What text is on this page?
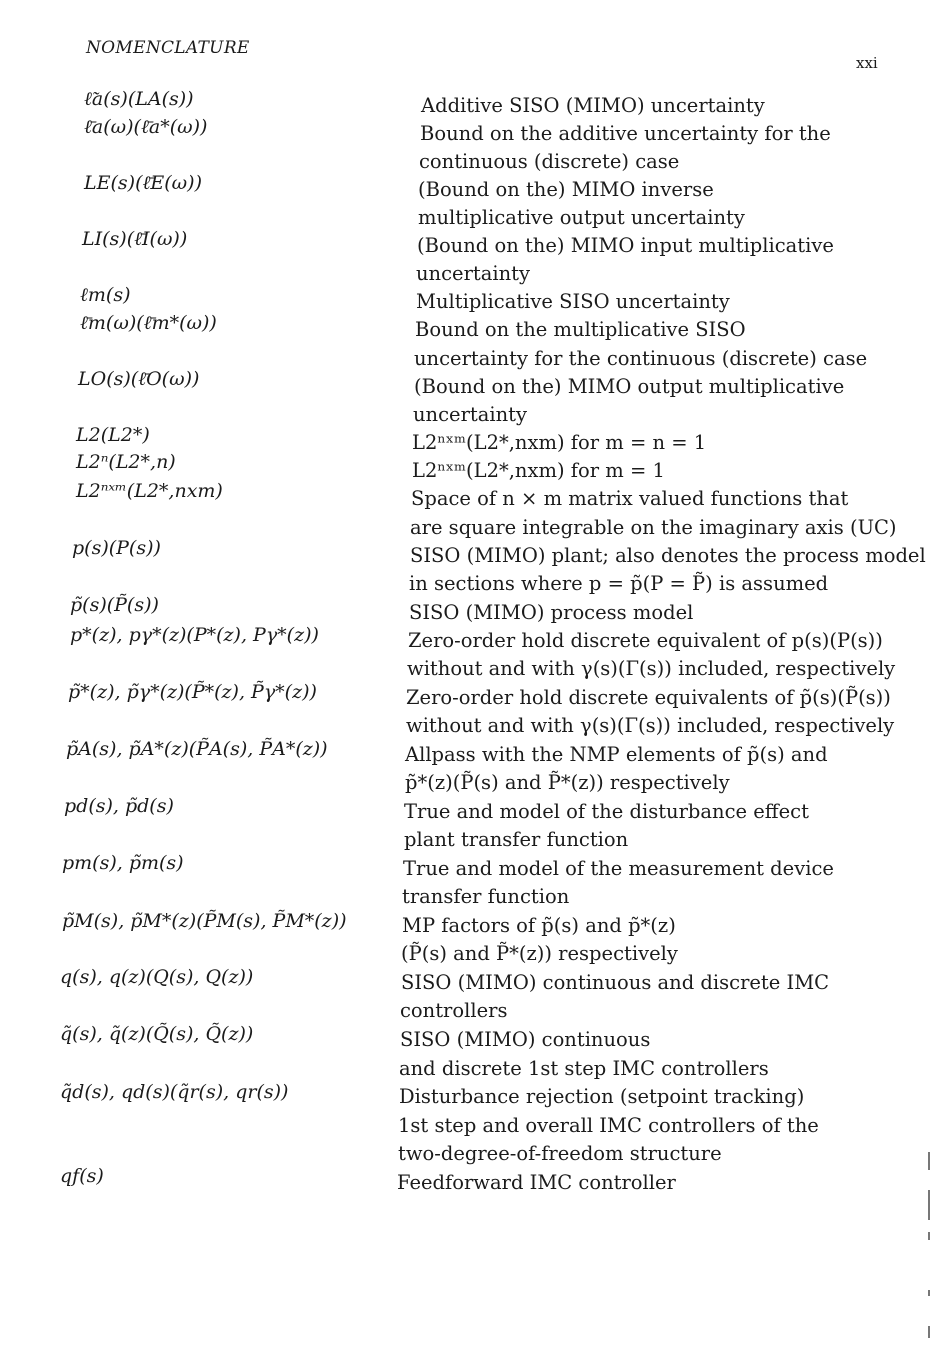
NOMENCLATURE
xxi
ℓ̃a(s)(LA(s))
ℓ̄a(ω)(ℓ̄a*(ω))
LE(s)(ℓ̄E(ω))
LI(s)(ℓ̄I(ω))
ℓm(s)
ℓ̄m(ω)(ℓ̄m*(ω))
LO(s)(ℓ̄O(ω))
L2(L2*)
L2ⁿ(L2*,n)
L2ⁿˣᵐ(L2*,nxm)
p(s)(P(s))
p̃(s)(P̃(s))
p*(z), pγ*(z)(P*(z), Pγ*(z))
p̃*(z), p̃γ*(z)(P̃*(z), P̃γ*(z))
p̃A(s), p̃A*(z)(P̃A(s), P̃A*(z))
pd(s), p̃d(s)
pm(s), p̃m(s)
p̃M(s), p̃M*(z)(P̃M(s), P̃M*(z))
q(s), q(z)(Q(s), Q(z))
q̃(s), q̃(z)(Q̃(s), Q̃(z))
q̃d(s), qd(s)(q̃r(s), qr(s))
qf(s)
Additive SISO (MIMO) uncertainty
Bound on the additive uncertainty for the
continuous (discrete) case
(Bound on the) MIMO inverse
multiplicative output uncertainty
(Bound on the) MIMO input multiplicative
uncertainty
Multiplicative SISO uncertainty
Bound on the multiplicative SISO
uncertainty for the continuous (discrete) case
(Bound on the) MIMO output multiplicative
uncertainty
L2ⁿˣᵐ(L2*,nxm) for m = n = 1
L2ⁿˣᵐ(L2*,nxm) for m = 1
Space of n × m matrix valued functions that
are square integrable on the imaginary axis (UC)
SISO (MIMO) plant; also denotes the process model
in sections where p = p̃(P = P̃) is assumed
SISO (MIMO) process model
Zero-order hold discrete equivalent of p(s)(P(s))
without and with γ(s)(Γ(s)) included, respectively
Zero-order hold discrete equivalents of p̃(s)(P̃(s))
without and with γ(s)(Γ(s)) included, respectively
Allpass with the NMP elements of p̃(s) and
p̃*(z)(P̃(s) and P̃*(z)) respectively
True and model of the disturbance effect
plant transfer function
True and model of the measurement device
transfer function
MP factors of p̃(s) and p̃*(z)
(P̃(s) and P̃*(z)) respectively
SISO (MIMO) continuous and discrete IMC
controllers
SISO (MIMO) continuous
and discrete 1st step IMC controllers
Disturbance rejection (setpoint tracking)
1st step and overall IMC controllers of the
two-degree-of-freedom structure
Feedforward IMC controller
